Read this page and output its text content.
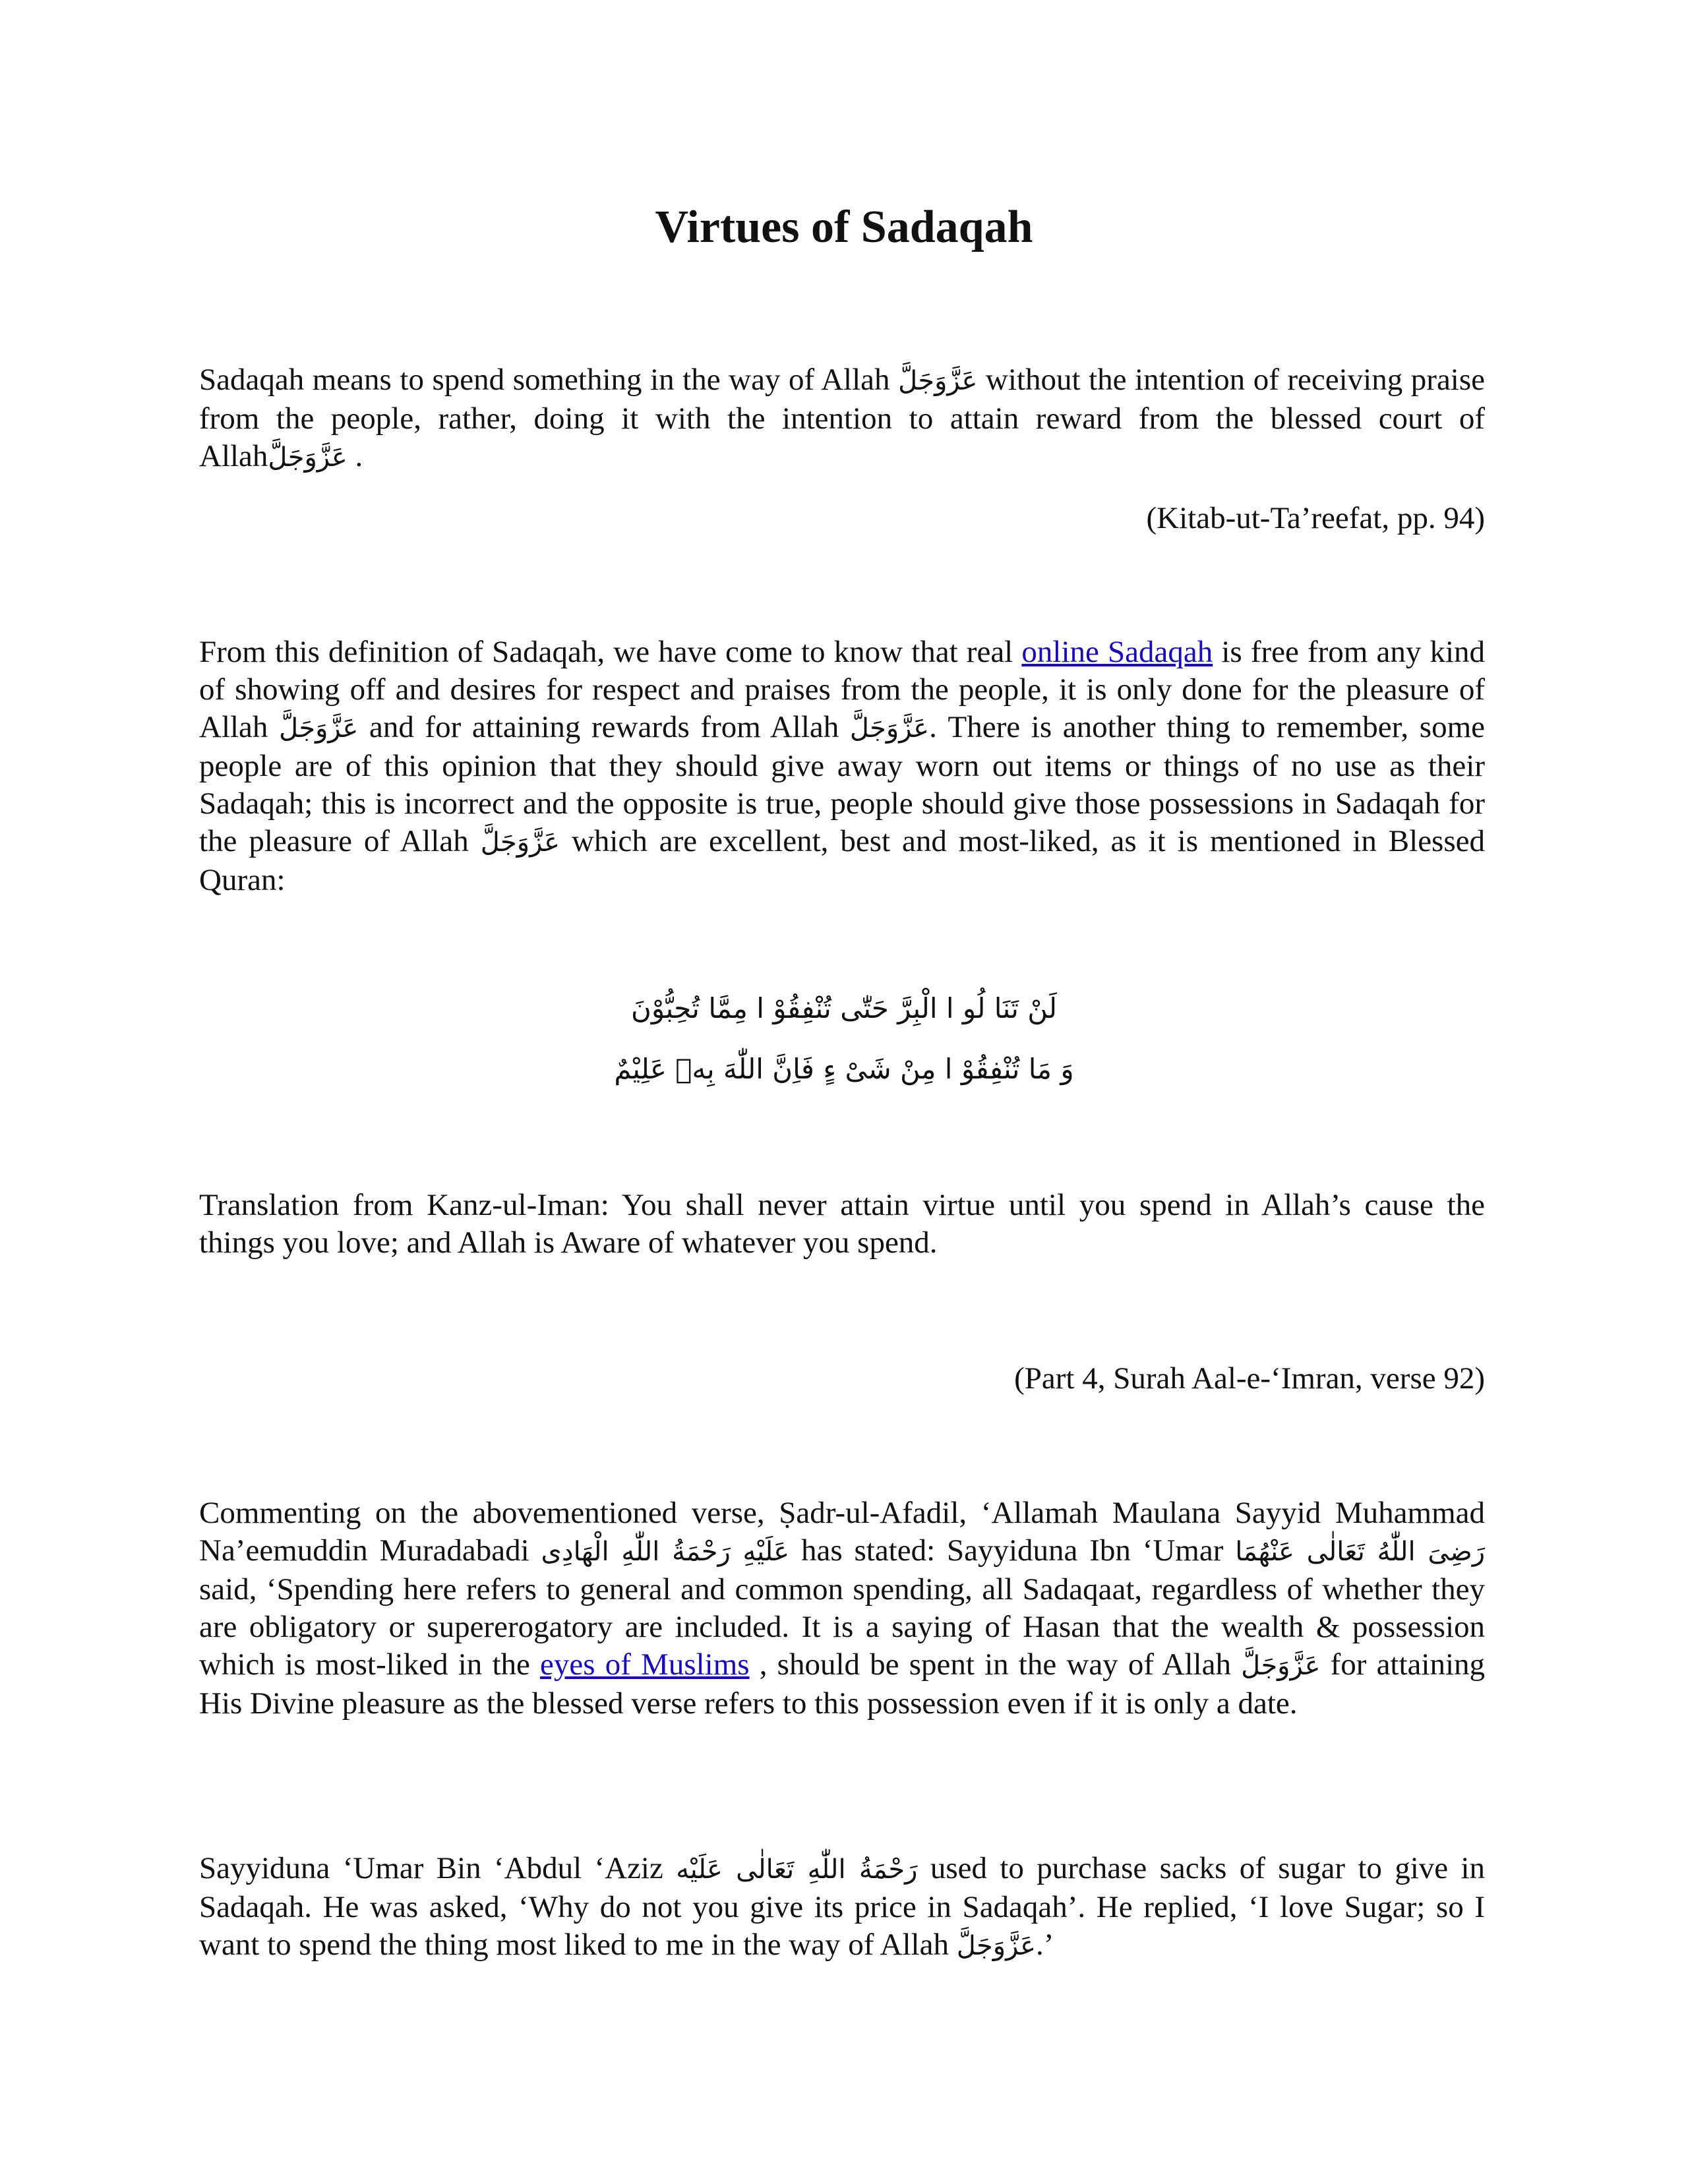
Virtues of Sadaqah

Sadaqah means to spend something in the way of Allah عَزَّوَجَلَّ without the intention of receiving praise from the people, rather, doing it with the intention to attain reward from the blessed court of Allahعَزَّوَجَلَّ .

(Kitab-ut-Ta’reefat, pp. 94)

From this definition of Sadaqah, we have come to know that real online Sadaqah is free from any kind of showing off and desires for respect and praises from the people, it is only done for the pleasure of Allah عَزَّوَجَلَّ and for attaining rewards from Allah عَزَّوَجَلَّ. There is another thing to remember, some people are of this opinion that they should give away worn out items or things of no use as their Sadaqah; this is incorrect and the opposite is true, people should give those possessions in Sadaqah for the pleasure of Allah عَزَّوَجَلَّ which are excellent, best and most-liked, as it is mentioned in Blessed Quran:

لَنْ تَنَا لُو ا الْبِرَّ حَتّٰى تُنْفِقُوْ ا مِمَّا تُحِبُّوْنَ
وَ مَا تُنْفِقُوْ ا مِنْ شَىْ ءٍ فَاِنَّ اللّٰهَ بِهٖ عَلِيْمٌ

Translation from Kanz-ul-Iman: You shall never attain virtue until you spend in Allah’s cause the things you love; and Allah is Aware of whatever you spend.

(Part 4, Surah Aal-e-‘Imran, verse 92)

Commenting on the abovementioned verse, Ṣadr-ul-Afadil, ‘Allamah Maulana Sayyid Muhammad Na’eemuddin Muradabadi عَلَيْهِ رَحْمَةُ اللّٰهِ الْهَادِى has stated: Sayyiduna Ibn ‘Umar رَضِىَ اللّٰهُ تَعَالٰى عَنْهُمَا said, ‘Spending here refers to general and common spending, all Sadaqaat, regardless of whether they are obligatory or supererogatory are included. It is a saying of Hasan that the wealth & possession which is most-liked in the eyes of Muslims , should be spent in the way of Allah عَزَّوَجَلَّ for attaining His Divine pleasure as the blessed verse refers to this possession even if it is only a date.

Sayyiduna ‘Umar Bin ‘Abdul ‘Aziz رَحْمَةُ اللّٰهِ تَعَالٰى عَلَيْه used to purchase sacks of sugar to give in Sadaqah. He was asked, ‘Why do not you give its price in Sadaqah’. He replied, ‘I love Sugar; so I want to spend the thing most liked to me in the way of Allah عَزَّوَجَلَّ.’
